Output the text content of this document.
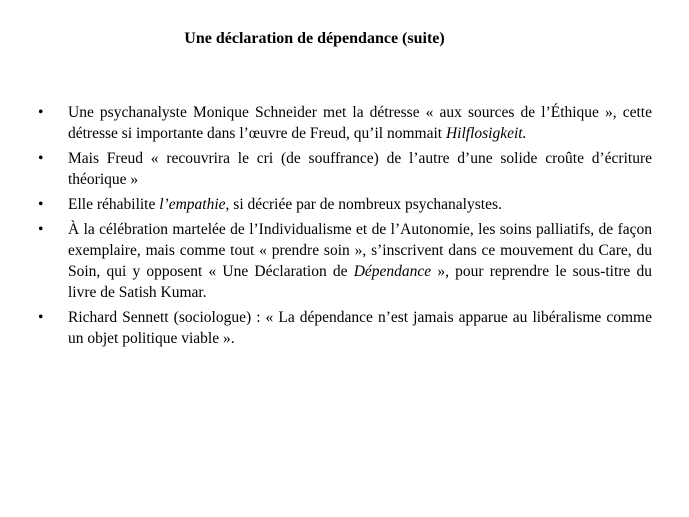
Une déclaration de dépendance (suite)
• Une psychanalyste Monique Schneider met la détresse « aux sources de l’Éthique », cette détresse si importante dans l’œuvre de Freud, qu’il nommait Hilflosigkeit.
• Mais Freud « recouvrira le cri (de souffrance) de l’autre d’une solide croûte d’écriture théorique »
• Elle réhabilite l’empathie, si décriée par de nombreux psychanalystes.
• À la célébration martelée de l’Individualisme et de l’Autonomie, les soins palliatifs, de façon exemplaire, mais comme tout « prendre soin », s’inscrivent dans ce mouvement du Care, du Soin, qui y opposent « Une Déclaration de Dépendance », pour reprendre le sous-titre du livre de Satish Kumar.
• Richard Sennett (sociologue) : « La dépendance n’est jamais apparue au libéralisme comme un objet politique viable ».
